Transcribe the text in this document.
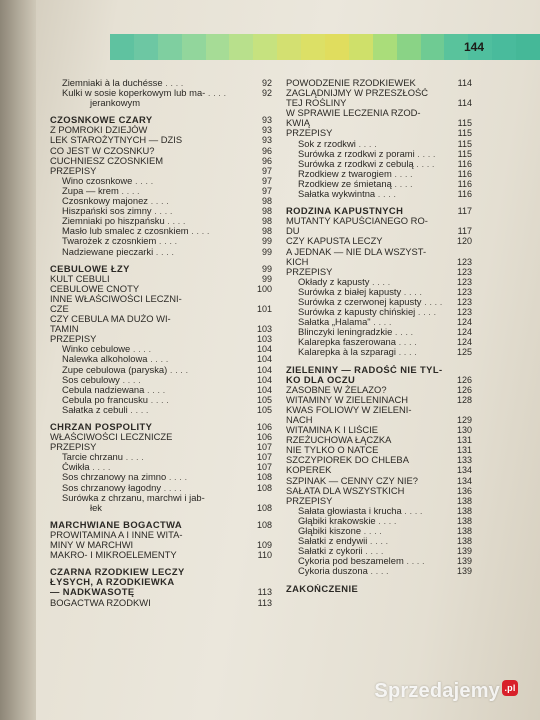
144
Ziemniaki à la duchésse . . . .	92
Kulki w sosie koperkowym lub ma- . . . .	92
jerankowym
CZOSNKOWE CZARY	93
Z POMROKI DZIEJÓW	93
LEK STAROŻYTNYCH — DZIS	93
CO JEST W CZOSNKU?	96
CUCHNIESZ CZOSNKIEM	96
PRZEPISY	97
Wino czosnkowe . . . .	97
Zupa — krem . . . .	97
Czosnkowy majonez . . . .	98
Hiszpański sos zimny . . . .	98
Ziemniaki po hiszpańsku . . . .	98
Masło lub smalec z czosnkiem . . . .	98
Twarożek z czosnkiem . . . .	99
Nadziewane pieczarki . . . .	99
CEBULOWE ŁZY	99
KULT CEBULI	99
CEBULOWE CNOTY	100
INNE WŁAŚCIWOŚCI LECZNI-
CZE	101
CZY CEBULA MA DUŻO WI-
TAMIN	103
PRZEPISY	103
Winko cebulowe . . . .	104
Nalewka alkoholowa . . . .	104
Zupe cebulowa (paryska) . . . .	104
Sos cebulowy . . . .	104
Cebula nadziewana . . . .	104
Cebula po francusku . . . .	105
Sałatka z cebuli . . . .	105
CHRZAN POSPOLITY	106
WŁAŚCIWOŚCI LECZNICZE	106
PRZEPISY	107
Tarcie chrzanu . . . .	107
Ćwikła . . . .	107
Sos chrzanowy na zimno . . . .	108
Sos chrzanowy łagodny . . . .	108
Surówka z chrzanu, marchwi i jab-
łek	108
MARCHWIANE BOGACTWA	108
PROWITAMINA A I INNE WITA-
MINY W MARCHWI	109
MAKRO- I MIKROELEMENTY	110
CZARNA RZODKIEW LECZY
ŁYSYCH, A RZODKIEWKA
— NADKWASOTĘ	113
BOGACTWA RZODKWI	113
POWODZENIE RZODKIEWEK	114
ZAGLĄDNIJMY W PRZESZŁOŚĆ
TEJ ROŚLINY	114
W SPRAWIE LECZENIA RZOD-
KWIĄ	115
PRZEPISY	115
Sok z rzodkwi . . . .	115
Surówka z rzodkwi z porami . . . .	115
Surówka z rzodkwi z cebulą . . . .	116
Rzodkiew z twarogiem . . . .	116
Rzodkiew ze śmietaną . . . .	116
Sałatka wykwintna . . . .	116
RODZINA KAPUSTNYCH	117
MUTANTY KAPUŚCIANEGO RO-
DU	117
CZY KAPUSTA LECZY	120
A JEDNAK — NIE DLA WSZYST-
KICH	123
PRZEPISY	123
Okłady z kapusty . . . .	123
Surówka z białej kapusty . . . .	123
Surówka z czerwonej kapusty . . . .	123
Surówka z kapusty chińskiej . . . .	123
Sałatka „Halama" . . . .	124
Blinczyki leningradzkie . . . .	124
Kalarepka faszerowana . . . .	124
Kalarepka à la szparagi . . . .	125
ZIELENINY — RADOŚĆ NIE TYL-
KO DLA OCZU	126
ZASOBNE W ŻELAZO?	126
WITAMINY W ZIELENINACH	128
KWAS FOLIOWY W ZIELENI-
NACH	129
WITAMINA K I LIŚCIE	130
RZEŻUCHOWA ŁĄCZKA	131
NIE TYLKO O NATCE	131
SZCZYPIOREK DO CHLEBA	133
KOPEREK	134
SZPINAK — CENNY CZY NIE?	134
SAŁATA DLA WSZYSTKICH	136
PRZEPISY	138
Sałata głowiasta i krucha . . . .	138
Głąbiki krakowskie . . . .	138
Głąbiki kiszone . . . .	138
Sałatki z endywii . . . .	138
Sałatki z cykorii . . . .	139
Cykoria pod beszamelem . . . .	139
Cykoria duszona . . . .	139
ZAKOŃCZENIE
Sprzedajemy .pl
